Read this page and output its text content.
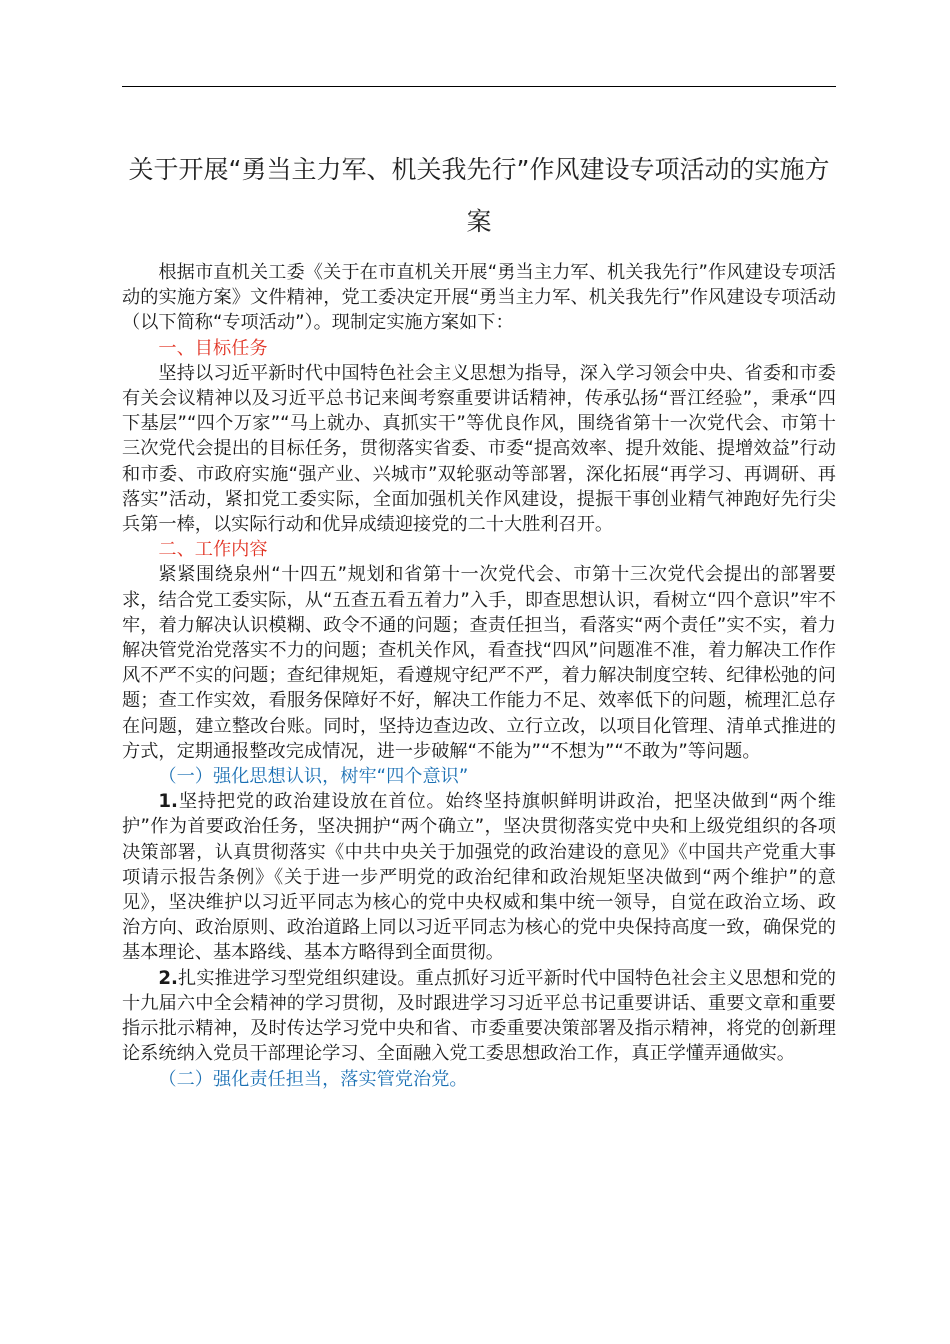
关于开展“勇当主力军、机关我先行”作风建设专项活动的实施方案

根据市直机关工委《关于在市直机关开展“勇当主力军、机关我先行”作风建设专项活动的实施方案》文件精神，党工委决定开展“勇当主力军、机关我先行”作风建设专项活动（以下简称“专项活动”）。现制定实施方案如下：

一、目标任务

坚持以习近平新时代中国特色社会主义思想为指导，深入学习领会中央、省委和市委有关会议精神以及习近平总书记来闽考察重要讲话精神，传承弘扬“晋江经验”，秉承“四下基层”“四个万家”“马上就办、真抓实干”等优良作风，围绕省第十一次党代会、市第十三次党代会提出的目标任务，贯彻落实省委、市委“提高效率、提升效能、提增效益”行动和市委、市政府实施“强产业、兴城市”双轮驱动等部署，深化拓展“再学习、再调研、再落实”活动，紧扣党工委实际，全面加强机关作风建设，提振干事创业精气神跑好先行尖兵第一棒，以实际行动和优异成绩迎接党的二十大胜利召开。

二、工作内容

紧紧围绕泉州“十四五”规划和省第十一次党代会、市第十三次党代会提出的部署要求，结合党工委实际，从“五查五看五着力”入手，即查思想认识，看树立“四个意识”牢不牢，着力解决认识模糊、政令不通的问题；查责任担当，看落实“两个责任”实不实，着力解决管党治党落实不力的问题；查机关作风，看查找“四风”问题准不准，着力解决工作作风不严不实的问题；查纪律规矩，看遵规守纪严不严，着力解决制度空转、纪律松弛的问题；查工作实效，看服务保障好不好，解决工作能力不足、效率低下的问题，梳理汇总存在问题，建立整改台账。同时，坚持边查边改、立行立改，以项目化管理、清单式推进的方式，定期通报整改完成情况，进一步破解“不能为”“不想为”“不敢为”等问题。

（一）强化思想认识，树牢“四个意识”

1.坚持把党的政治建设放在首位。始终坚持旗帜鲜明讲政治，把坚决做到“两个维护”作为首要政治任务，坚决拥护“两个确立”，坚决贯彻落实党中央和上级党组织的各项决策部署，认真贯彻落实《中共中央关于加强党的政治建设的意见》《中国共产党重大事项请示报告条例》《关于进一步严明党的政治纪律和政治规矩坚决做到“两个维护”的意见》，坚决维护以习近平同志为核心的党中央权威和集中统一领导，自觉在政治立场、政治方向、政治原则、政治道路上同以习近平同志为核心的党中央保持高度一致，确保党的基本理论、基本路线、基本方略得到全面贯彻。

2.扎实推进学习型党组织建设。重点抓好习近平新时代中国特色社会主义思想和党的十九届六中全会精神的学习贯彻，及时跟进学习习近平总书记重要讲话、重要文章和重要指示批示精神，及时传达学习党中央和省、市委重要决策部署及指示精神，将党的创新理论系统纳入党员干部理论学习、全面融入党工委思想政治工作，真正学懂弄通做实。

（二）强化责任担当，落实管党治党。
